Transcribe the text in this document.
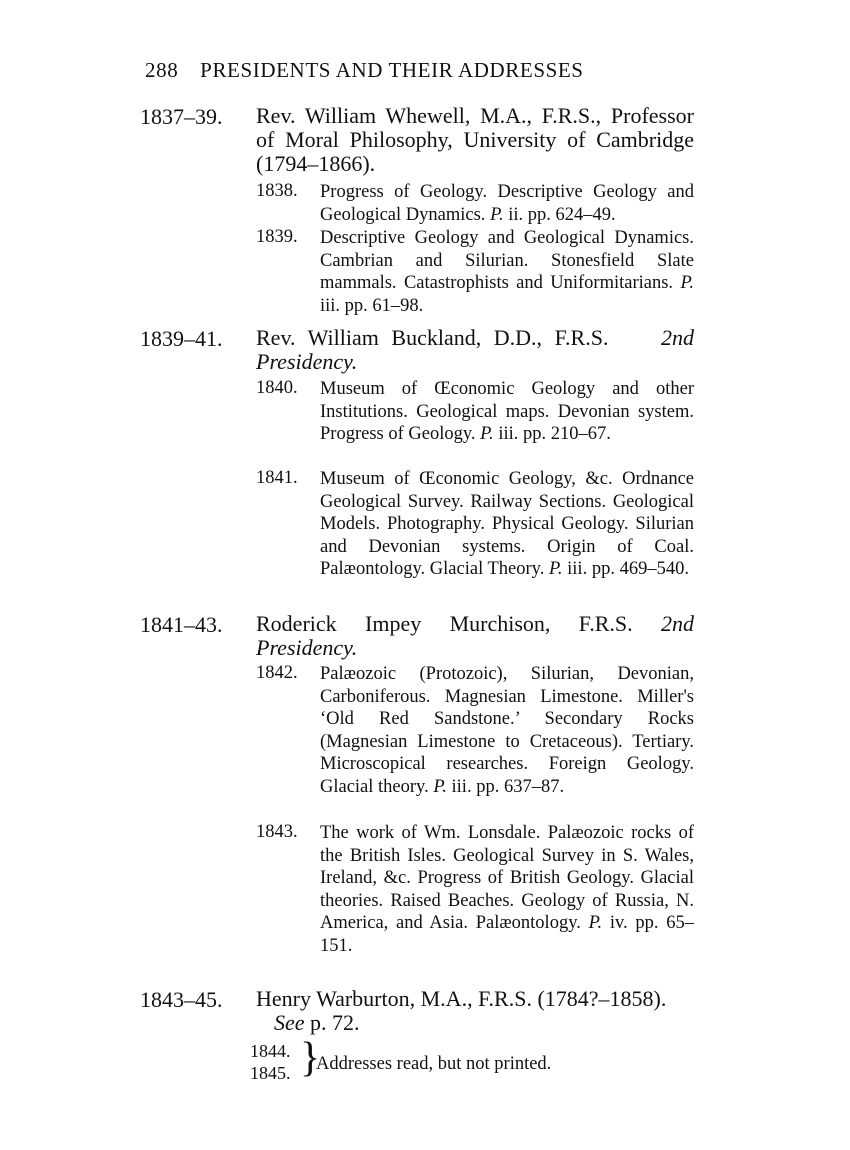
288 PRESIDENTS AND THEIR ADDRESSES
1837–39. Rev. William Whewell, M.A., F.R.S., Professor of Moral Philosophy, University of Cambridge (1794–1866).
1838. Progress of Geology. Descriptive Geology and Geological Dynamics. P. ii. pp. 624–49.
1839. Descriptive Geology and Geological Dynamics. Cambrian and Silurian. Stonesfield Slate mammals. Catastrophists and Uniformitarians. P. iii. pp. 61–98.
1839–41. Rev. William Buckland, D.D., F.R.S. 2nd Presidency.
1840. Museum of Œconomic Geology and other Institutions. Geological maps. Devonian system. Progress of Geology. P. iii. pp. 210–67.
1841. Museum of Œconomic Geology, &c. Ordnance Geological Survey. Railway Sections. Geological Models. Photography. Physical Geology. Silurian and Devonian systems. Origin of Coal. Palæontology. Glacial Theory. P. iii. pp. 469–540.
1841–43. Roderick Impey Murchison, F.R.S. 2nd Presidency.
1842. Palæozoic (Protozoic), Silurian, Devonian, Carboniferous. Magnesian Limestone. Miller's ‘Old Red Sandstone.’ Secondary Rocks (Magnesian Limestone to Cretaceous). Tertiary. Microscopical researches. Foreign Geology. Glacial theory. P. iii. pp. 637–87.
1843. The work of Wm. Lonsdale. Palæozoic rocks of the British Isles. Geological Survey in S. Wales, Ireland, &c. Progress of British Geology. Glacial theories. Raised Beaches. Geology of Russia, N. America, and Asia. Palæontology. P. iv. pp. 65–151.
1843–45. Henry Warburton, M.A., F.R.S. (1784?–1858).
See p. 72.
1844.
1845. }
Addresses read, but not printed.
